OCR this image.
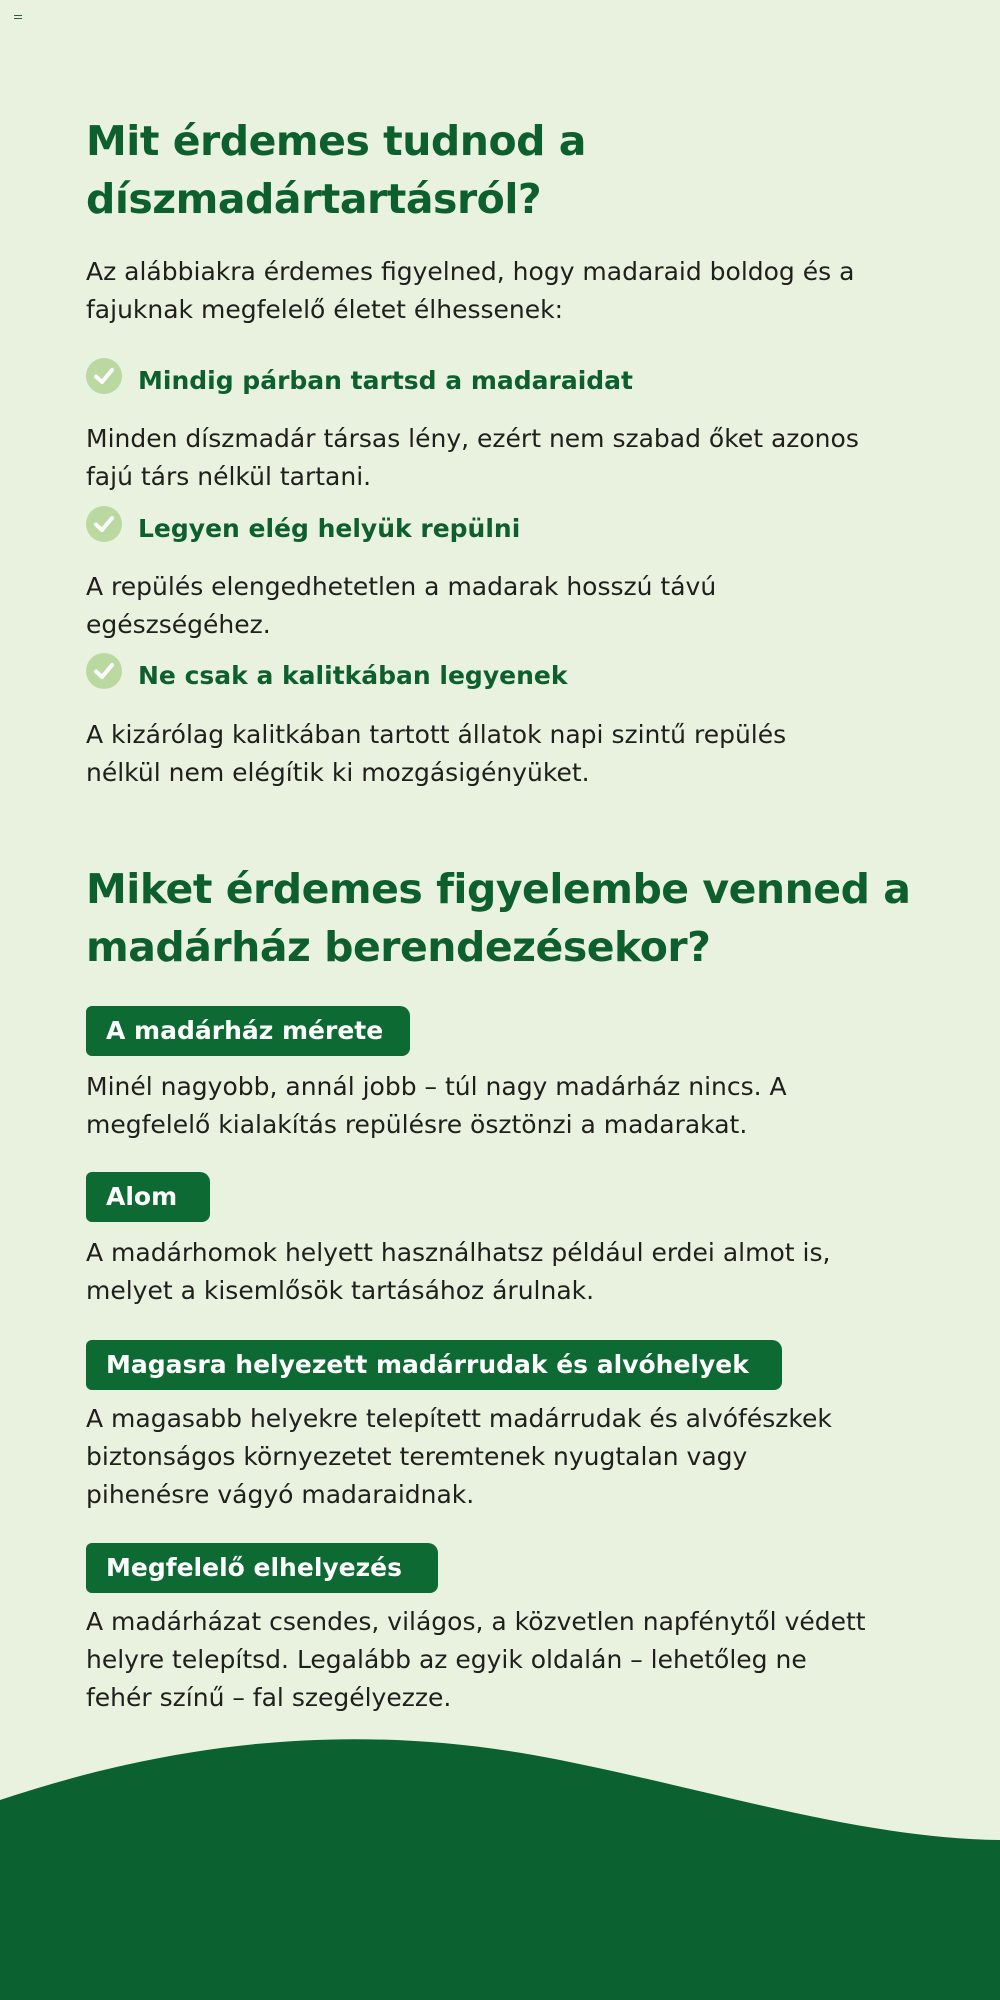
Mit érdemes tudnod a
díszmadártartásról?

Az alábbiakra érdemes figyelned, hogy madaraid boldog és a
fajuknak megfelelő életet élhessenek:

Mindig párban tartsd a madaraidat

Minden díszmadár társas lény, ezért nem szabad őket azonos
fajú társ nélkül tartani.

Legyen elég helyük repülni

A repülés elengedhetetlen a madarak hosszú távú
egészségéhez.

Ne csak a kalitkában legyenek

A kizárólag kalitkában tartott állatok napi szintű repülés
nélkül nem elégítik ki mozgásigényüket.

Miket érdemes figyelembe venned a
madárház berendezésekor?
A madárház mérete

Minél nagyobb, annál jobb – túl nagy madárház nincs. A
megfelelő kialakítás repülésre ösztönzi a madarakat.

Alom

A madárhomok helyett használhatsz például erdei almot is,
melyet a kisemlősök tartásához árulnak.

Magasra helyezett madárrudak és alvóhelyek

A magasabb helyekre telepített madárrudak és alvófészkek
biztonságos környezetet teremtenek nyugtalan vagy
pihenésre vágyó madaraidnak.

Megfelelő elhelyezés

A madárházat csendes, világos, a közvetlen napfénytől védett
helyre telepítsd. Legalább az egyik oldalán – lehetőleg ne
fehér színű – fal szegélyezze.
